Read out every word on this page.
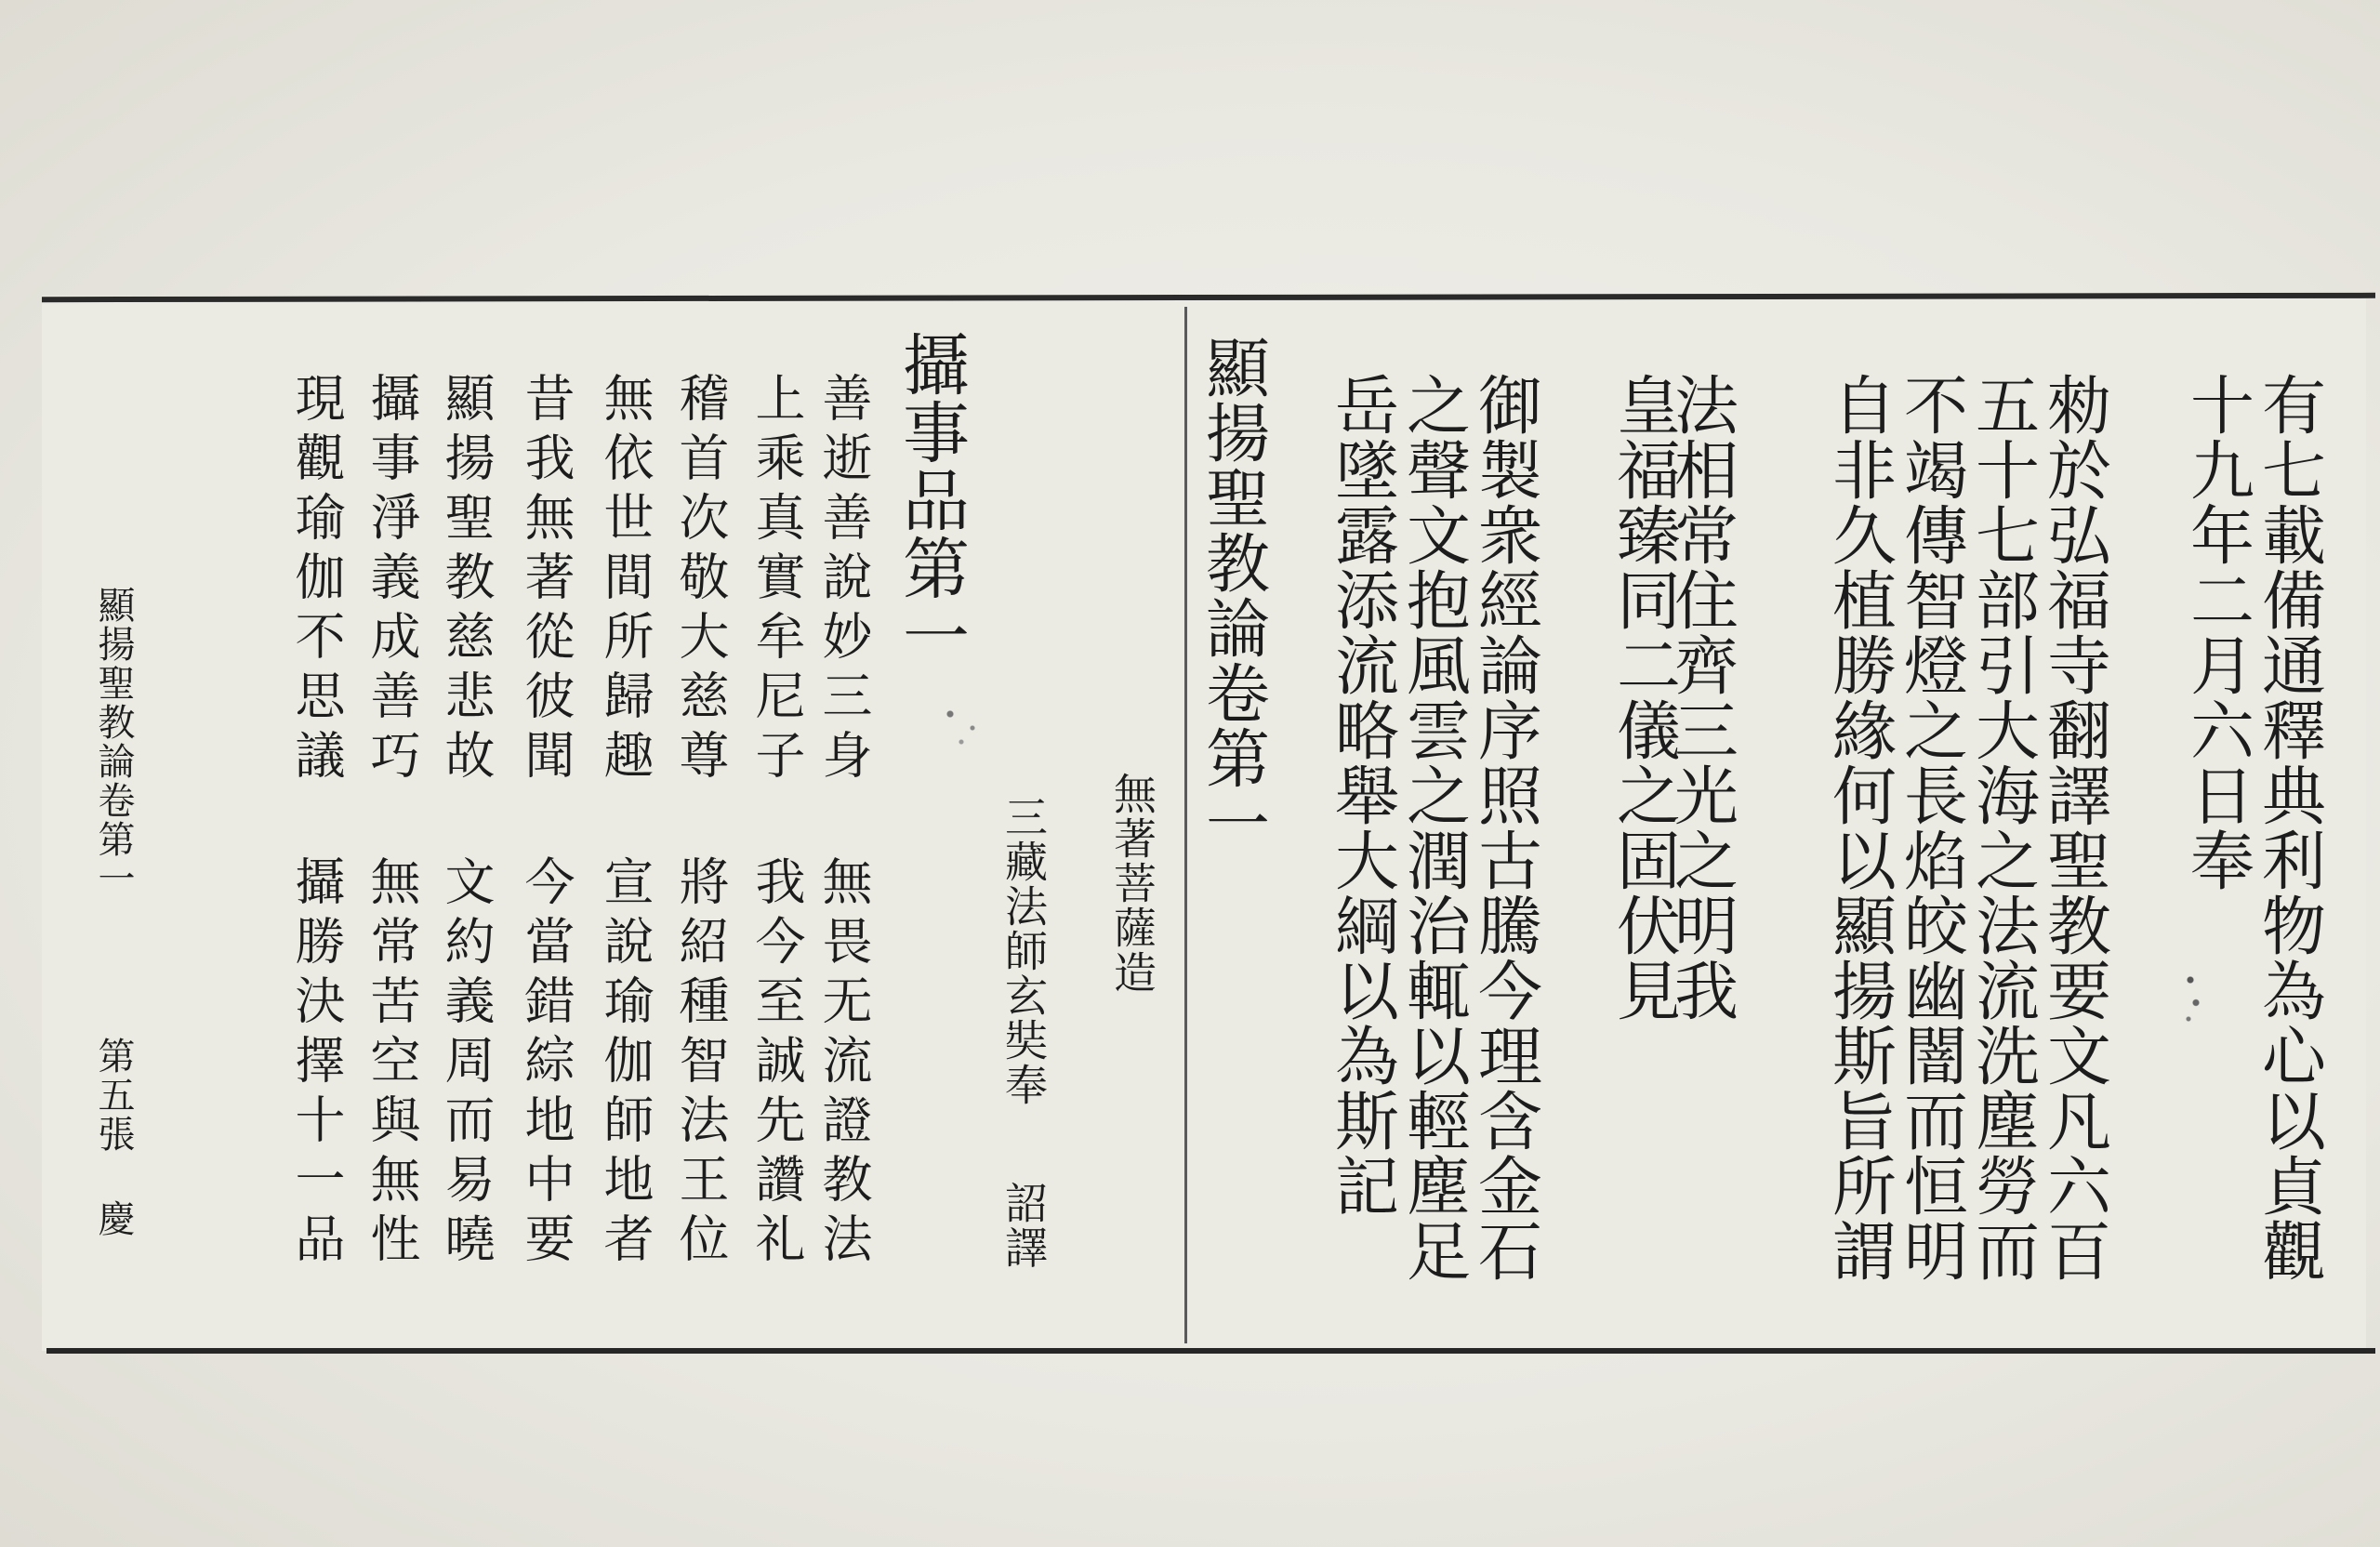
有七載備通釋典利物為心以貞觀
十九年二月六日奉
勑於弘福寺翻譯聖教要文凡六百
五十七部引大海之法流洗塵勞而
不竭傳智燈之長焰皎幽闇而恒明
自非久植勝緣何以顯揚斯旨所謂
法相常住齊三光之明我
皇福臻同二儀之固伏見
御製衆經論序照古騰今理含金石
之聲文抱風雲之潤治輒以輕塵足
岳墜露添流略舉大綱以為斯記
顯揚聖教論卷第一
無著菩薩造
三藏法師玄奘奉
詔譯
攝事品第一
善逝善說妙三身
上乘真實牟尼子
稽首次敬大慈尊
無依世間所歸趣
昔我無著從彼聞
顯揚聖教慈悲故
攝事淨義成善巧
現觀瑜伽不思議
無畏无流證教法
我今至誠先讚礼
將紹種智法王位
宣說瑜伽師地者
今當錯綜地中要
文約義周而易曉
無常苦空與無性
攝勝決擇十一品
顯揚聖教論卷第一
第五張
慶
